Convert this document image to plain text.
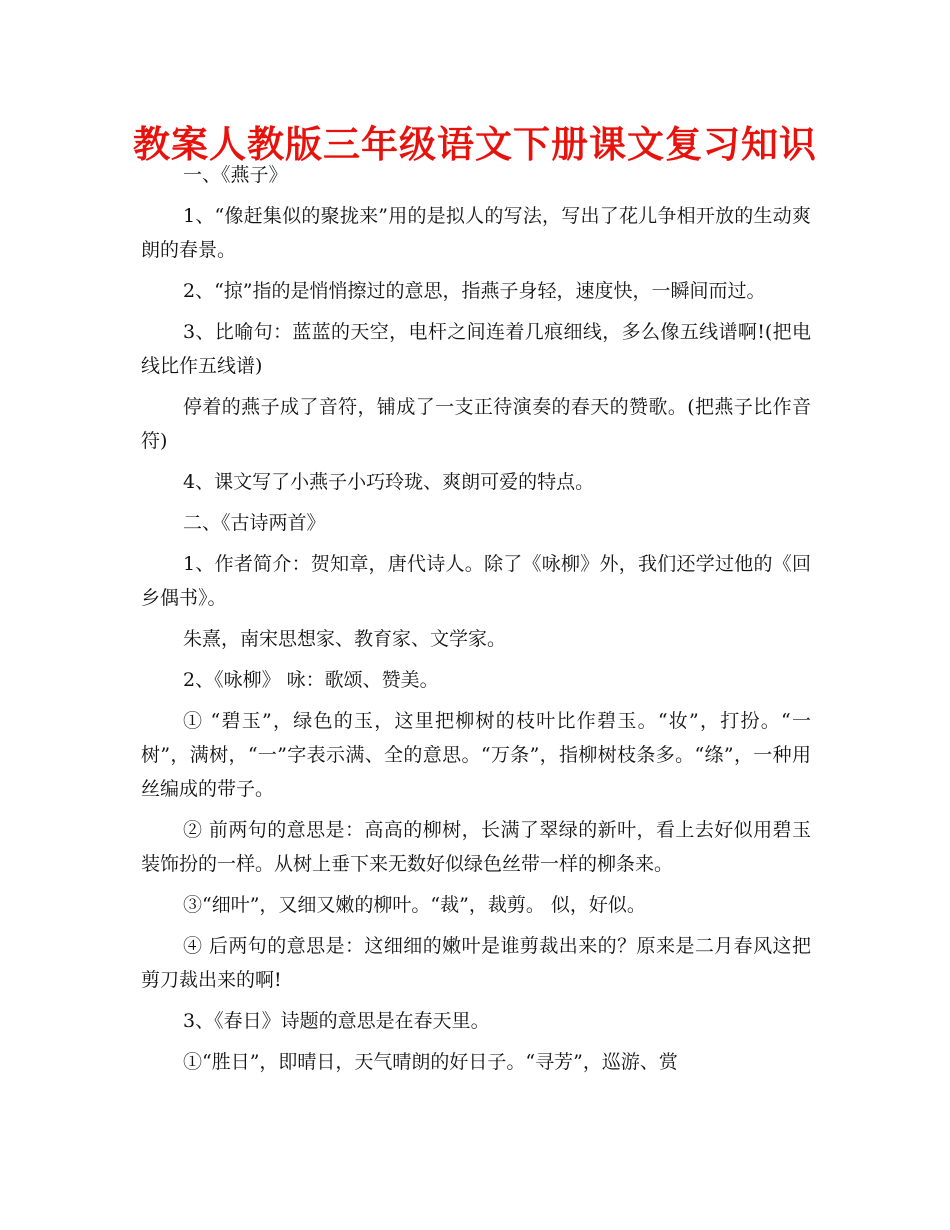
教案人教版三年级语文下册课文复习知识

一、《燕子》

1、“像赶集似的聚拢来”用的是拟人的写法，写出了花儿争相开放的生动爽朗的春景。

2、“掠”指的是悄悄擦过的意思，指燕子身轻，速度快，一瞬间而过。

3、比喻句：蓝蓝的天空，电杆之间连着几痕细线，多么像五线谱啊!(把电线比作五线谱)

停着的燕子成了音符，铺成了一支正待演奏的春天的赞歌。(把燕子比作音符)

4、课文写了小燕子小巧玲珑、爽朗可爱的特点。

二、《古诗两首》

1、作者简介：贺知章，唐代诗人。除了《咏柳》外，我们还学过他的《回乡偶书》。

朱熹，南宋思想家、教育家、文学家。

2、《咏柳》 咏：歌颂、赞美。

① “碧玉”，绿色的玉，这里把柳树的枝叶比作碧玉。“妆”，打扮。“一树”，满树，“一”字表示满、全的意思。“万条”，指柳树枝条多。“绦”，一种用丝编成的带子。

② 前两句的意思是：高高的柳树，长满了翠绿的新叶，看上去好似用碧玉装饰扮的一样。从树上垂下来无数好似绿色丝带一样的柳条来。

③“细叶”，又细又嫩的柳叶。“裁”，裁剪。 似，好似。

④ 后两句的意思是：这细细的嫩叶是谁剪裁出来的？原来是二月春风这把剪刀裁出来的啊!

3、《春日》诗题的意思是在春天里。

①“胜日”，即晴日，天气晴朗的好日子。“寻芳”，巡游、赏
